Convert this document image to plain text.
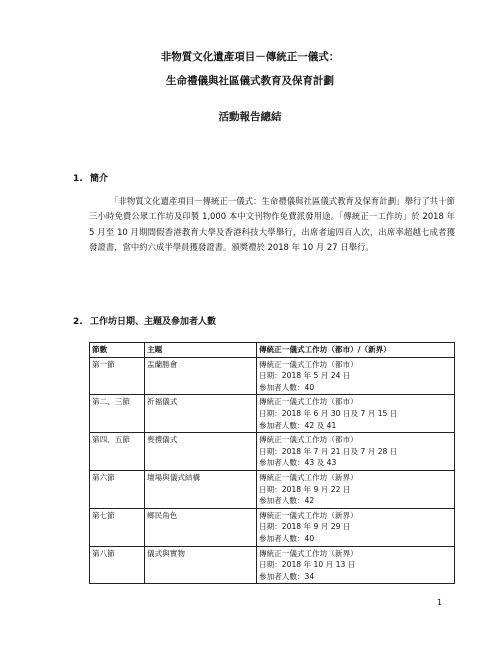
非物質文化遺產項目－傳統正一儀式：
生命禮儀與社區儀式教育及保育計劃
活動報告總結
1. 簡介
「非物質文化遺產項目－傳統正一儀式：生命禮儀與社區儀式教育及保育計劃」舉行了共十節三小時免費公眾工作坊及印製 1,000 本中文刊物作免費派發用途。「傳統正一工作坊」於 2018 年 5 月至 10 月期間假香港教育大學及香港科技大學舉行，出席者逾四百人次，出席率超越七成者獲發證書，當中約六成半學員獲發證書。頒獎禮於 2018 年 10 月 27 日舉行。
2. 工作坊日期、主題及參加者人數
節數	主題	傳統正一儀式工作坊（都市）/（新界）
第一節	盂蘭勝會	傳統正一儀式工作坊（都市）
日期：2018 年 5 月 24 日
參加者人數：40

第二、三節	祈福儀式	傳統正一儀式工作坊（都市）
日期：2018 年 6 月 30 日及 7 月 15 日
參加者人數：42 及 41

第四、五節	喪禮儀式	傳統正一儀式工作坊（都市）
日期：2018 年 7 月 21 日及 7 月 28 日
參加者人數：43 及 43

第六節	壇場與儀式結構	傳統正一儀式工作坊（新界）
日期：2018 年 9 月 22 日
參加者人數：42

第七節	鄉民角色	傳統正一儀式工作坊（新界）
日期：2018 年 9 月 29 日
參加者人數：40

第八節	儀式與實物	傳統正一儀式工作坊（新界）
日期：2018 年 10 月 13 日
參加者人數：34
1
